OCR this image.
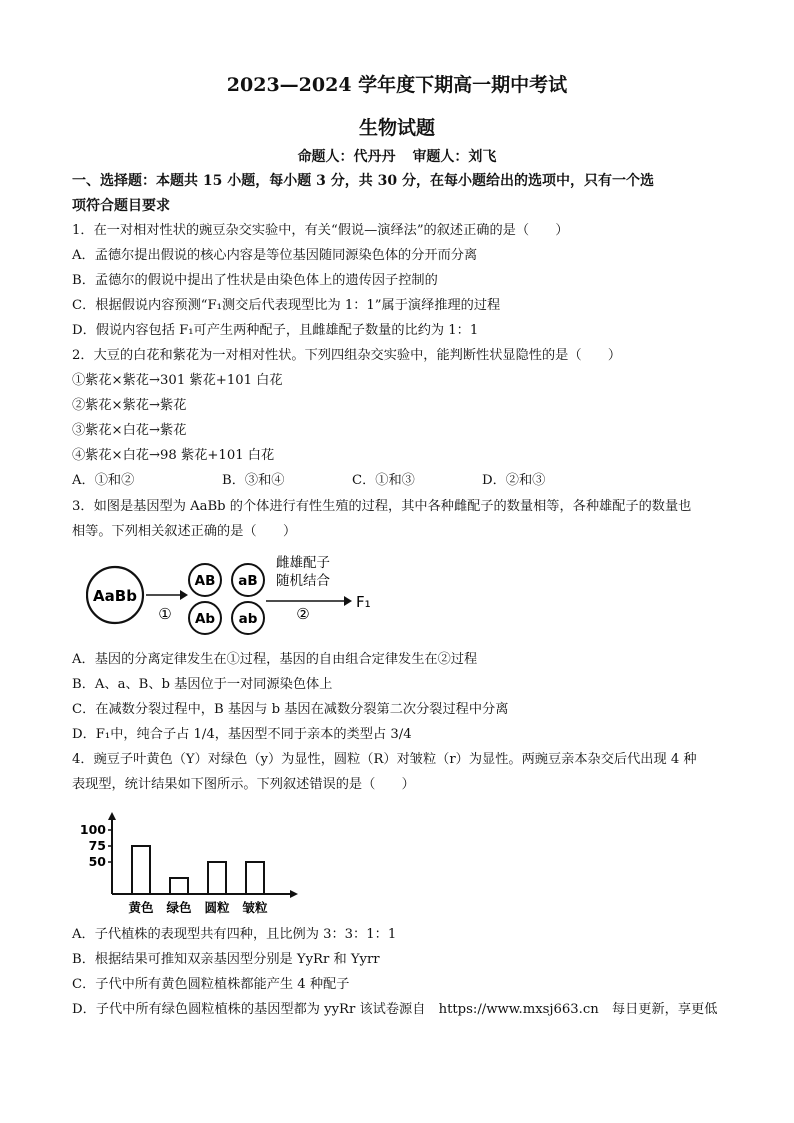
2023—2024 学年度下期高一期中考试
生物试题
命题人：代丹丹 审题人：刘飞
一、选择题：本题共 15 小题，每小题 3 分，共 30 分，在每小题给出的选项中，只有一个选
项符合题目要求
1．在一对相对性状的豌豆杂交实验中，有关“假说—演绎法”的叙述正确的是（　　）
A．孟德尔提出假说的核心内容是等位基因随同源染色体的分开而分离
B．孟德尔的假说中提出了性状是由染色体上的遗传因子控制的
C．根据假说内容预测“F₁测交后代表现型比为 1：1”属于演绎推理的过程
D．假说内容包括 F₁可产生两种配子，且雌雄配子数量的比约为 1：1
2．大豆的白花和紫花为一对相对性状。下列四组杂交实验中，能判断性状显隐性的是（　　）
①紫花×紫花→301 紫花+101 白花
②紫花×紫花→紫花
③紫花×白花→紫花
④紫花×白花→98 紫花+101 白花
A．①和②	B．③和④	C．①和③	D．②和③
3．如图是基因型为 AaBb 的个体进行有性生殖的过程，其中各种雌配子的数量相等，各种雄配子的数量也
相等。下列相关叙述正确的是（　　）
AaBb
①
AB aB
Ab ab
雌雄配子
随机结合
②
F₁
A．基因的分离定律发生在①过程，基因的自由组合定律发生在②过程
B．A、a、B、b 基因位于一对同源染色体上
C．在减数分裂过程中，B 基因与 b 基因在减数分裂第二次分裂过程中分离
D．F₁中，纯合子占 1/4，基因型不同于亲本的类型占 3/4
4．豌豆子叶黄色（Y）对绿色（y）为显性，圆粒（R）对皱粒（r）为显性。两豌豆亲本杂交后代出现 4 种
表现型，统计结果如下图所示。下列叙述错误的是（　　）
100
75
50
黄色 绿色 圆粒 皱粒
A．子代植株的表现型共有四种，且比例为 3：3：1：1
B．根据结果可推知双亲基因型分别是 YyRr 和 Yyrr
C．子代中所有黄色圆粒植株都能产生 4 种配子
D．子代中所有绿色圆粒植株的基因型都为 yyRr 该试卷源自　https://www.mxsj663.cn　每日更新，享更低
